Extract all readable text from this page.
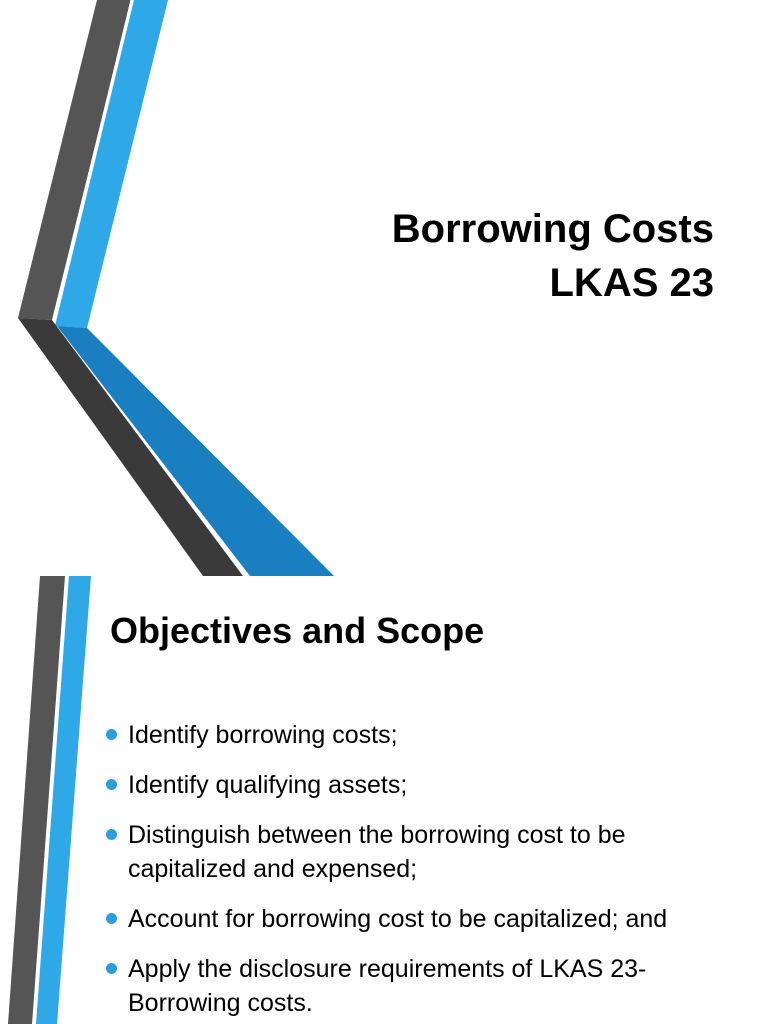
Borrowing Costs
LKAS 23
Objectives and Scope
Identify borrowing costs;
Identify qualifying assets;
Distinguish between the borrowing cost to be capitalized and expensed;
Account for borrowing cost to be capitalized; and
Apply the disclosure requirements of LKAS 23- Borrowing costs.
